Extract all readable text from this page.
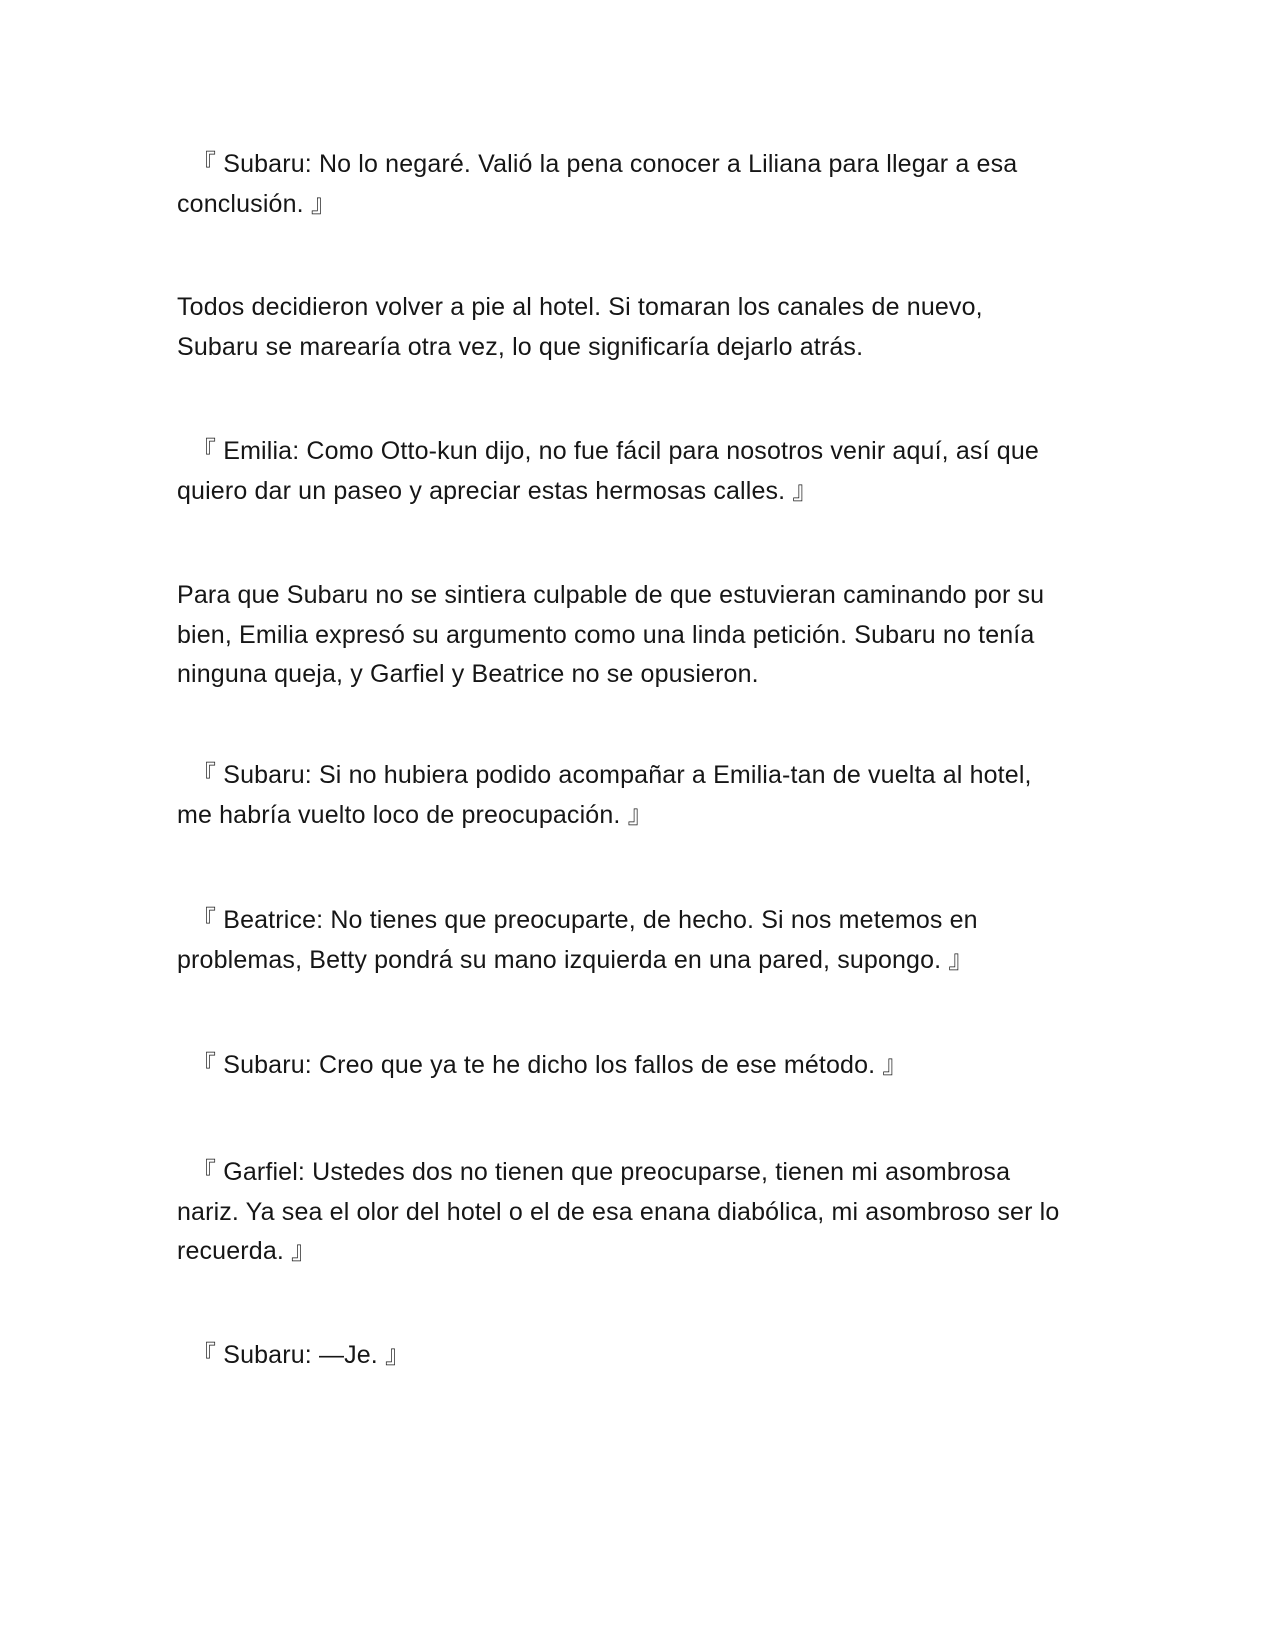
『 Subaru: No lo negaré. Valió la pena conocer a Liliana para llegar a esa
conclusión. 』

Todos decidieron volver a pie al hotel. Si tomaran los canales de nuevo,
Subaru se marearía otra vez, lo que significaría dejarlo atrás.

『 Emilia: Como Otto-kun dijo, no fue fácil para nosotros venir aquí, así que
quiero dar un paseo y apreciar estas hermosas calles. 』

Para que Subaru no se sintiera culpable de que estuvieran caminando por su
bien, Emilia expresó su argumento como una linda petición. Subaru no tenía
ninguna queja, y Garfiel y Beatrice no se opusieron.

『 Subaru: Si no hubiera podido acompañar a Emilia-tan de vuelta al hotel,
me habría vuelto loco de preocupación. 』

『 Beatrice: No tienes que preocuparte, de hecho. Si nos metemos en
problemas, Betty pondrá su mano izquierda en una pared, supongo. 』

『 Subaru: Creo que ya te he dicho los fallos de ese método. 』

『 Garfiel: Ustedes dos no tienen que preocuparse, tienen mi asombrosa
nariz. Ya sea el olor del hotel o el de esa enana diabólica, mi asombroso ser lo
recuerda. 』

『 Subaru: —Je. 』
